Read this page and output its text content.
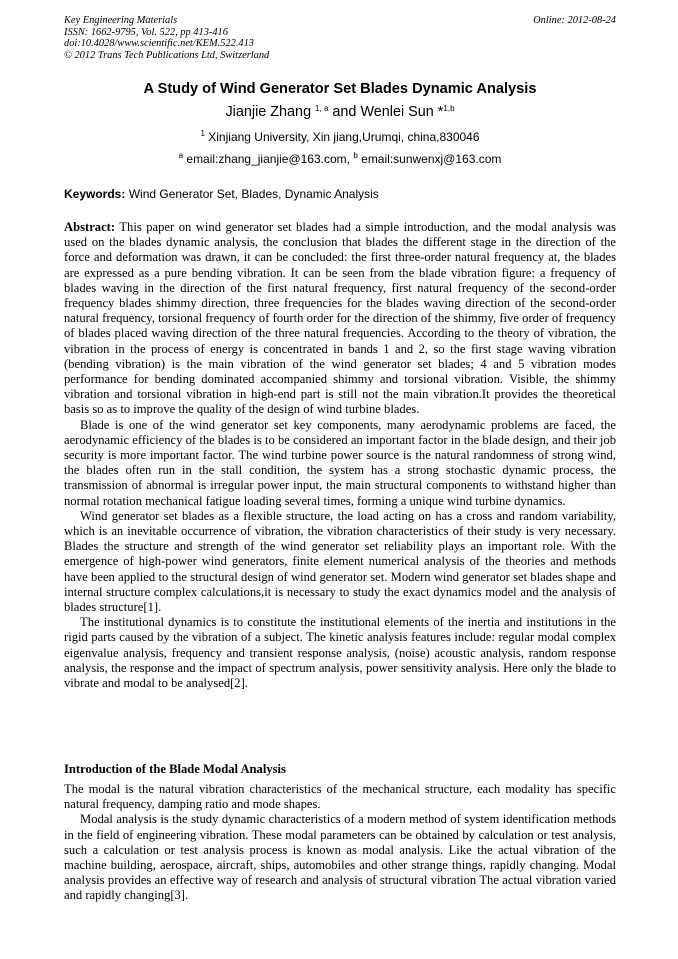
Key Engineering Materials
ISSN: 1662-9795, Vol. 522, pp 413-416
doi:10.4028/www.scientific.net/KEM.522.413
© 2012 Trans Tech Publications Ltd, Switzerland
Online: 2012-08-24
A Study of Wind Generator Set Blades Dynamic Analysis
Jianjie Zhang $^{1, a}$ and Wenlei Sun *$^{1,b}$
$^1$ Xinjiang University, Xin jiang,Urumqi, china,830046
$^a$ email:zhang_jianjie@163.com, $^b$ email:sunwenxj@163.com
Keywords: Wind Generator Set, Blades, Dynamic Analysis

Abstract: This paper on wind generator set blades had a simple introduction, and the modal analysis was used on the blades dynamic analysis, the conclusion that blades the different stage in the direction of the force and deformation was drawn, it can be concluded: the first three-order natural frequency at, the blades are expressed as a pure bending vibration. It can be seen from the blade vibration figure: a frequency of blades waving in the direction of the first natural frequency, first natural frequency of the second-order frequency blades shimmy direction, three frequencies for the blades waving direction of the second-order natural frequency, torsional frequency of fourth order for the direction of the shimmy, five order of frequency of blades placed waving direction of the three natural frequencies. According to the theory of vibration, the vibration in the process of energy is concentrated in bands 1 and 2, so the first stage waving vibration (bending vibration) is the main vibration of the wind generator set blades; 4 and 5 vibration modes performance for bending dominated accompanied shimmy and torsional vibration. Visible, the shimmy vibration and torsional vibration in high-end part is still not the main vibration.It provides the theoretical basis so as to improve the quality of the design of wind turbine blades.

Blade is one of the wind generator set key components, many aerodynamic problems are faced, the aerodynamic efficiency of the blades is to be considered an important factor in the blade design, and their job security is more important factor. The wind turbine power source is the natural randomness of strong wind, the blades often run in the stall condition, the system has a strong stochastic dynamic process, the transmission of abnormal is irregular power input, the main structural components to withstand higher than normal rotation mechanical fatigue loading several times, forming a unique wind turbine dynamics.

Wind generator set blades as a flexible structure, the load acting on has a cross and random variability, which is an inevitable occurrence of vibration, the vibration characteristics of their study is very necessary. Blades the structure and strength of the wind generator set reliability plays an important role. With the emergence of high-power wind generators, finite element numerical analysis of the theories and methods have been applied to the structural design of wind generator set. Modern wind generator set blades shape and internal structure complex calculations,it is necessary to study the exact dynamics model and the analysis of blades structure[1].

The institutional dynamics is to constitute the institutional elements of the inertia and institutions in the rigid parts caused by the vibration of a subject. The kinetic analysis features include: regular modal complex eigenvalue analysis, frequency and transient response analysis, (noise) acoustic analysis, random response analysis, the response and the impact of spectrum analysis, power sensitivity analysis. Here only the blade to vibrate and modal to be analysed[2].

Introduction of the Blade Modal Analysis

The modal is the natural vibration characteristics of the mechanical structure, each modality has specific natural frequency, damping ratio and mode shapes.

Modal analysis is the study dynamic characteristics of a modern method of system identification methods in the field of engineering vibration. These modal parameters can be obtained by calculation or test analysis, such a calculation or test analysis process is known as modal analysis. Like the actual vibration of the machine building, aerospace, aircraft, ships, automobiles and other strange things, rapidly changing. Modal analysis provides an effective way of research and analysis of structural vibration The actual vibration varied and rapidly changing[3].
